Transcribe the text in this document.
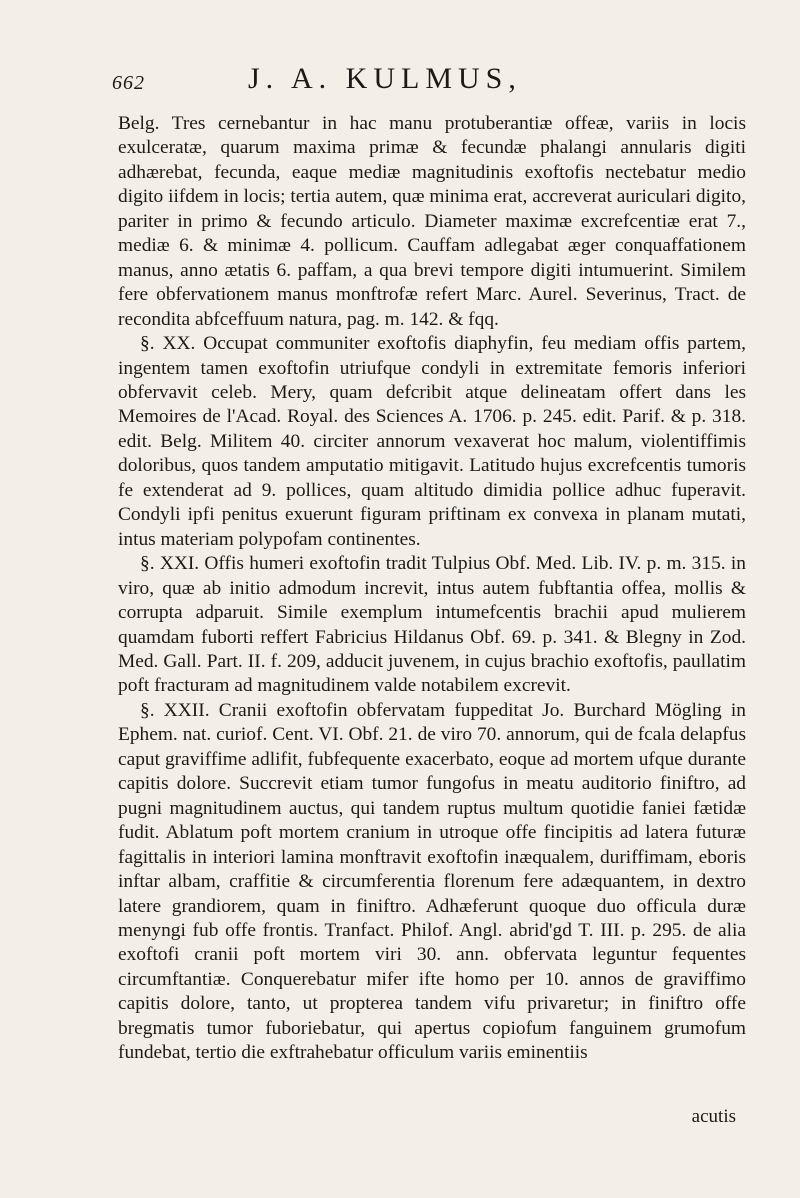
662	J. A. KULMUS,

Belg. Tres cernebantur in hac manu protuberantiæ offeæ, variis in locis exulceratæ, quarum maxima primæ & fecundæ phalangi annularis digiti adhærebat, fecunda, eaque mediæ magnitudinis exoftofis nectebatur medio digito iifdem in locis; tertia autem, quæ minima erat, accreverat auriculari digito, pariter in primo & fecundo articulo. Diameter maximæ excrefcentiæ erat 7., mediæ 6. & minimæ 4. pollicum. Cauffam adlegabat æger conquaffationem manus, anno ætatis 6. paffam, a qua brevi tempore digiti intumuerint. Similem fere obfervationem manus monftrofæ refert Marc. Aurel. Severinus, Tract. de recondita abfceffuum natura, pag. m. 142. & fqq.

§. XX. Occupat communiter exoftofis diaphyfin, feu mediam offis partem, ingentem tamen exoftofin utriufque condyli in extremitate femoris inferiori obfervavit celeb. Mery, quam defcribit atque delineatam offert dans les Memoires de l'Acad. Royal. des Sciences A. 1706. p. 245. edit. Parif. & p. 318. edit. Belg. Militem 40. circiter annorum vexaverat hoc malum, violentiffimis doloribus, quos tandem amputatio mitigavit. Latitudo hujus excrefcentis tumoris fe extenderat ad 9. pollices, quam altitudo dimidia pollice adhuc fuperavit. Condyli ipfi penitus exuerunt figuram priftinam ex convexa in planam mutati, intus materiam polypofam continentes.

§. XXI. Offis humeri exoftofin tradit Tulpius Obf. Med. Lib. IV. p. m. 315. in viro, quæ ab initio admodum increvit, intus autem fubftantia offea, mollis & corrupta adparuit. Simile exemplum intumefcentis brachii apud mulierem quamdam fuborti reffert Fabricius Hildanus Obf. 69. p. 341. & Blegny in Zod. Med. Gall. Part. II. f. 209, adducit juvenem, in cujus brachio exoftofis, paullatim poft fracturam ad magnitudinem valde notabilem excrevit.

§. XXII. Cranii exoftofin obfervatam fuppeditat Jo. Burchard Mögling in Ephem. nat. curiof. Cent. VI. Obf. 21. de viro 70. annorum, qui de fcala delapfus caput graviffime adlifit, fubfequente exacerbato, eoque ad mortem ufque durante capitis dolore. Succrevit etiam tumor fungofus in meatu auditorio finiftro, ad pugni magnitudinem auctus, qui tandem ruptus multum quotidie faniei fætidæ fudit. Ablatum poft mortem cranium in utroque offe fincipitis ad latera futuræ fagittalis in interiori lamina monftravit exoftofin inæqualem, duriffimam, eboris inftar albam, craffitie & circumferentia florenum fere adæquantem, in dextro latere grandiorem, quam in finiftro. Adhæferunt quoque duo officula duræ menyngi fub offe frontis. Tranfact. Philof. Angl. abrid'gd T. III. p. 295. de alia exoftofi cranii poft mortem viri 30. ann. obfervata leguntur fequentes circumftantiæ. Conquerebatur mifer ifte homo per 10. annos de graviffimo capitis dolore, tanto, ut propterea tandem vifu privaretur; in finiftro offe bregmatis tumor fuboriebatur, qui apertus copiofum fanguinem grumofum fundebat, tertio die exftrahebatur officulum variis eminentiis

acutis
